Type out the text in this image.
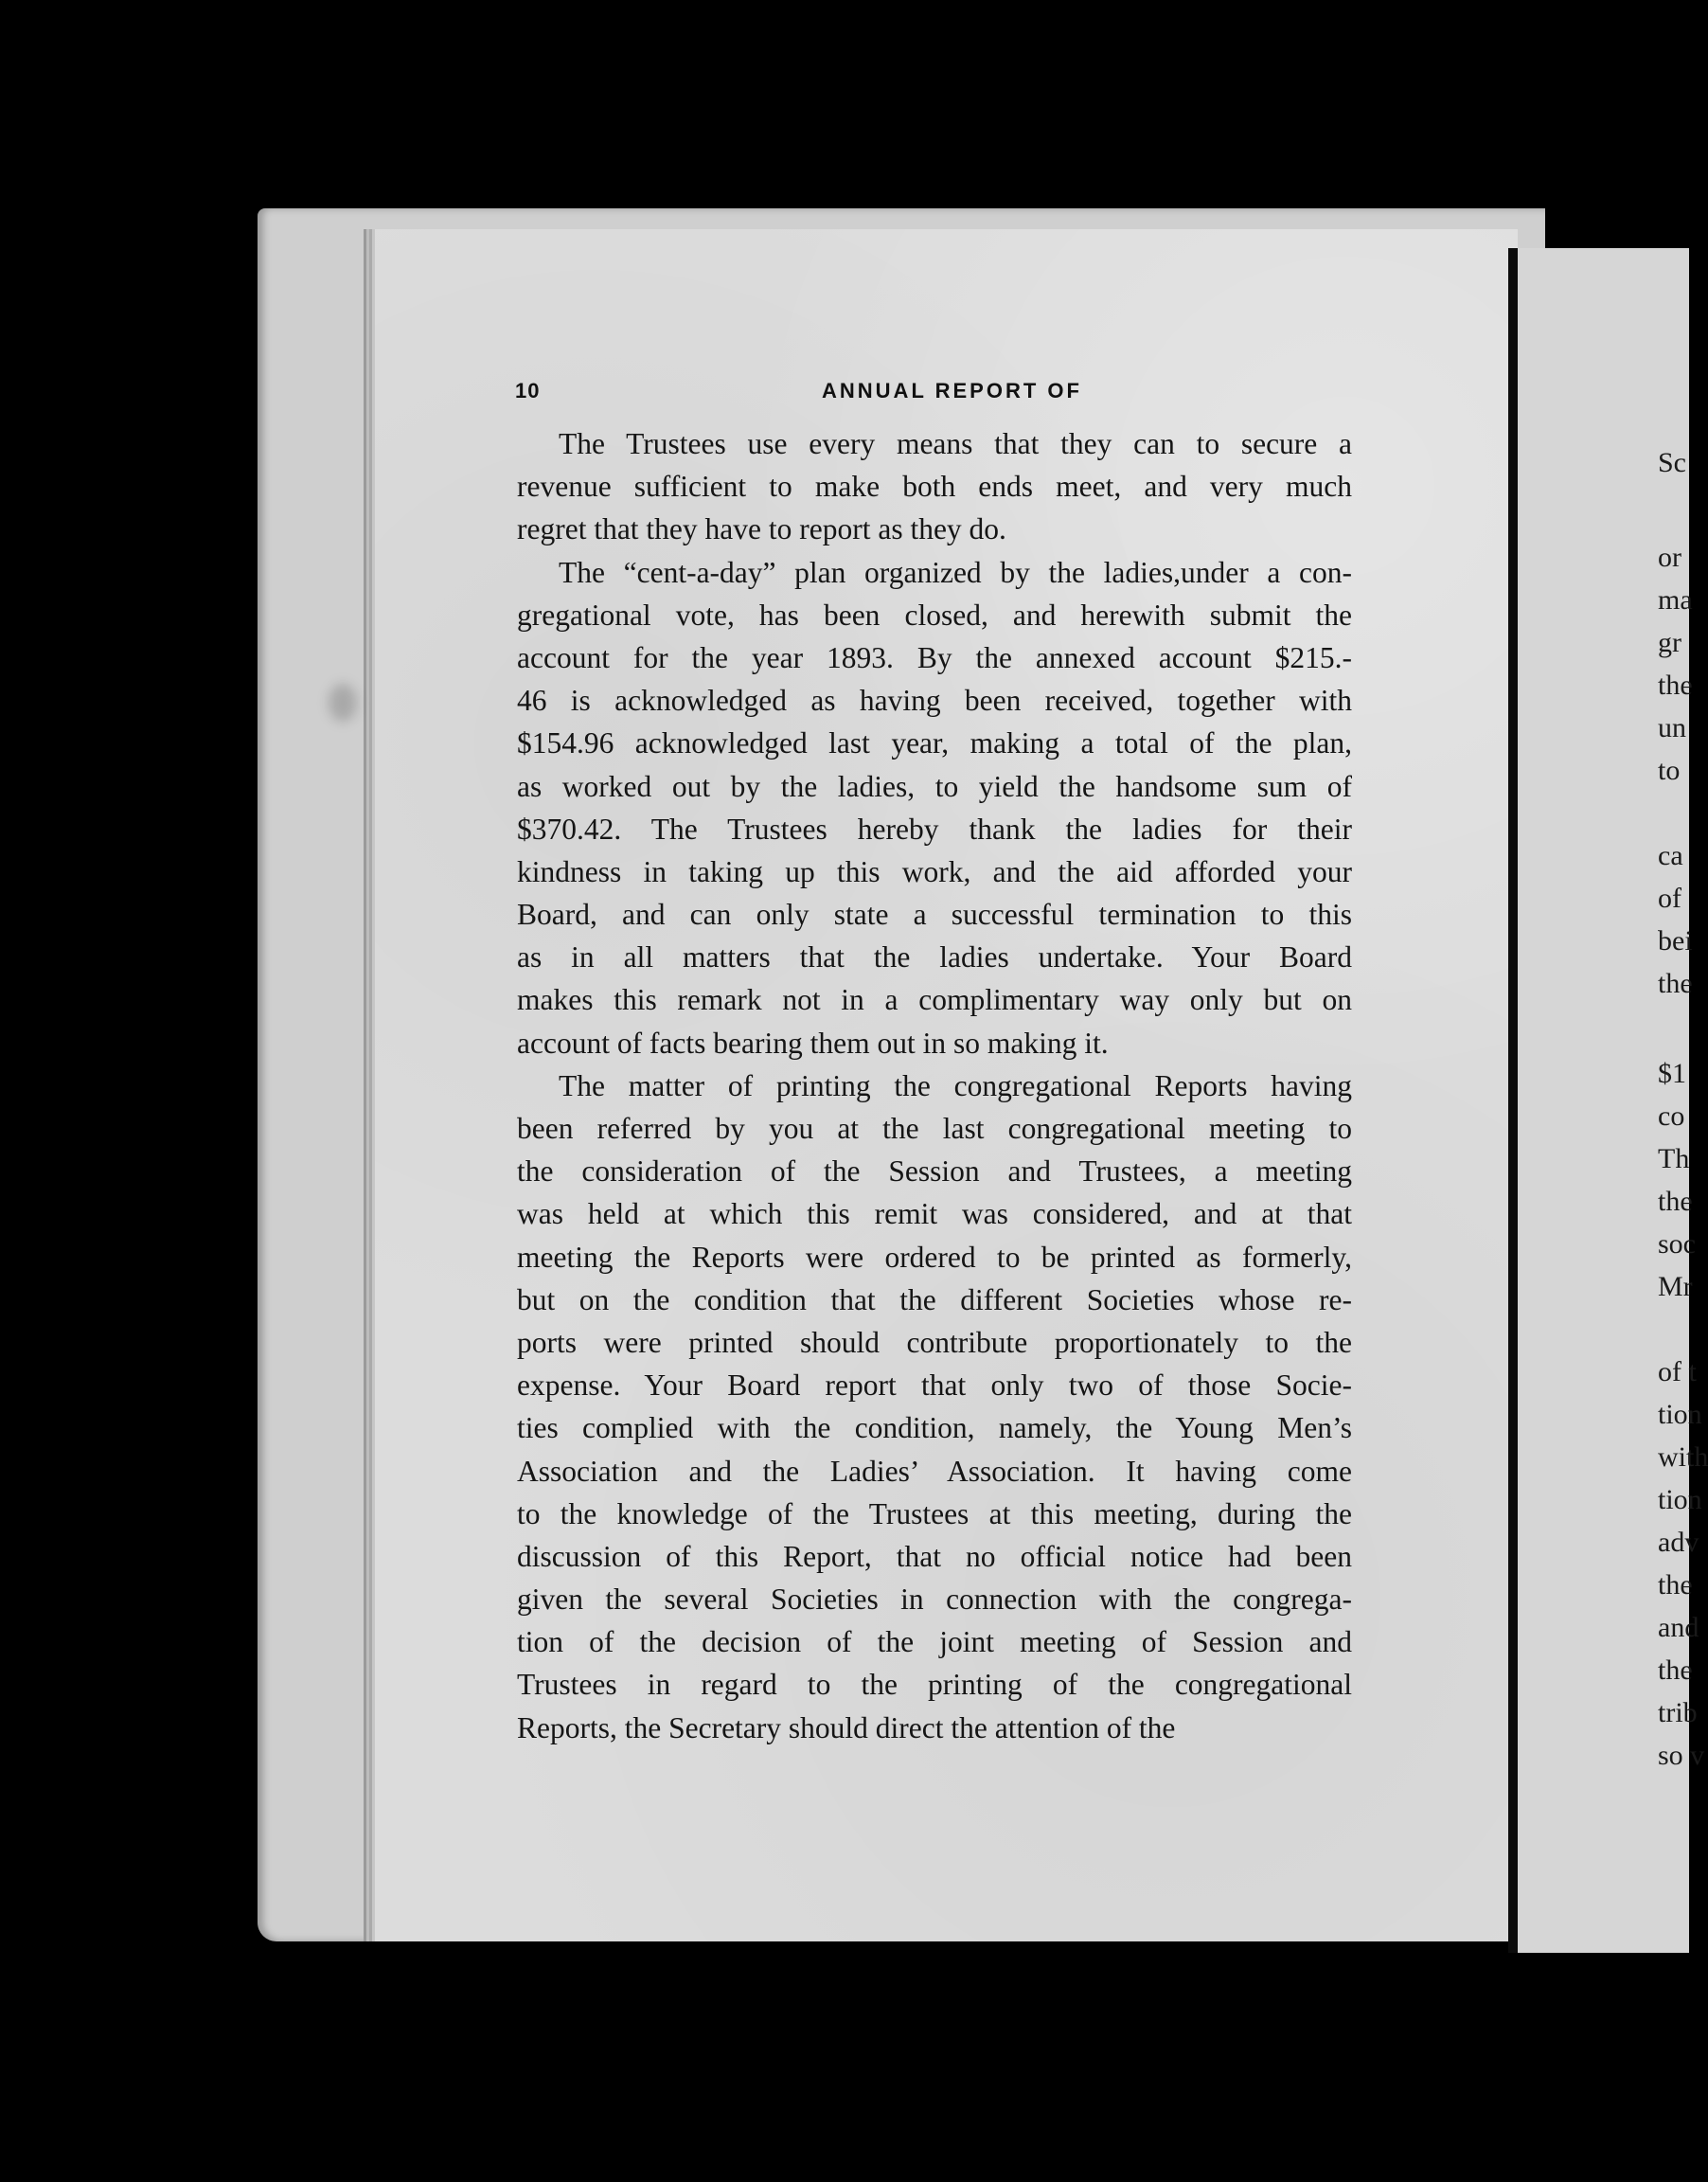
Sc
or
ma
gr
the
un
to
ca
of
bei
the
$1
co
Th
the
soc
Mr
of t
tion
with
tion
adv
the
and
the
trib
so v
10	ANNUAL REPORT OF
The Trustees use every means that they can to secure a
revenue sufficient to make both ends meet, and very much
regret that they have to report as they do.
The “cent-a-day” plan organized by the ladies,under a con-
gregational vote, has been closed, and herewith submit the
account for the year 1893. By the annexed account $215.-
46 is acknowledged as having been received, together with
$154.96 acknowledged last year, making a total of the plan,
as worked out by the ladies, to yield the handsome sum of
$370.42. The Trustees hereby thank the ladies for their
kindness in taking up this work, and the aid afforded your
Board, and can only state a successful termination to this
as in all matters that the ladies undertake. Your Board
makes this remark not in a complimentary way only but on
account of facts bearing them out in so making it.
The matter of printing the congregational Reports having
been referred by you at the last congregational meeting to
the consideration of the Session and Trustees, a meeting
was held at which this remit was considered, and at that
meeting the Reports were ordered to be printed as formerly,
but on the condition that the different Societies whose re-
ports were printed should contribute proportionately to the
expense. Your Board report that only two of those Socie-
ties complied with the condition, namely, the Young Men’s
Association and the Ladies’ Association. It having come
to the knowledge of the Trustees at this meeting, during the
discussion of this Report, that no official notice had been
given the several Societies in connection with the congrega-
tion of the decision of the joint meeting of Session and
Trustees in regard to the printing of the congregational
Reports, the Secretary should direct the attention of the
